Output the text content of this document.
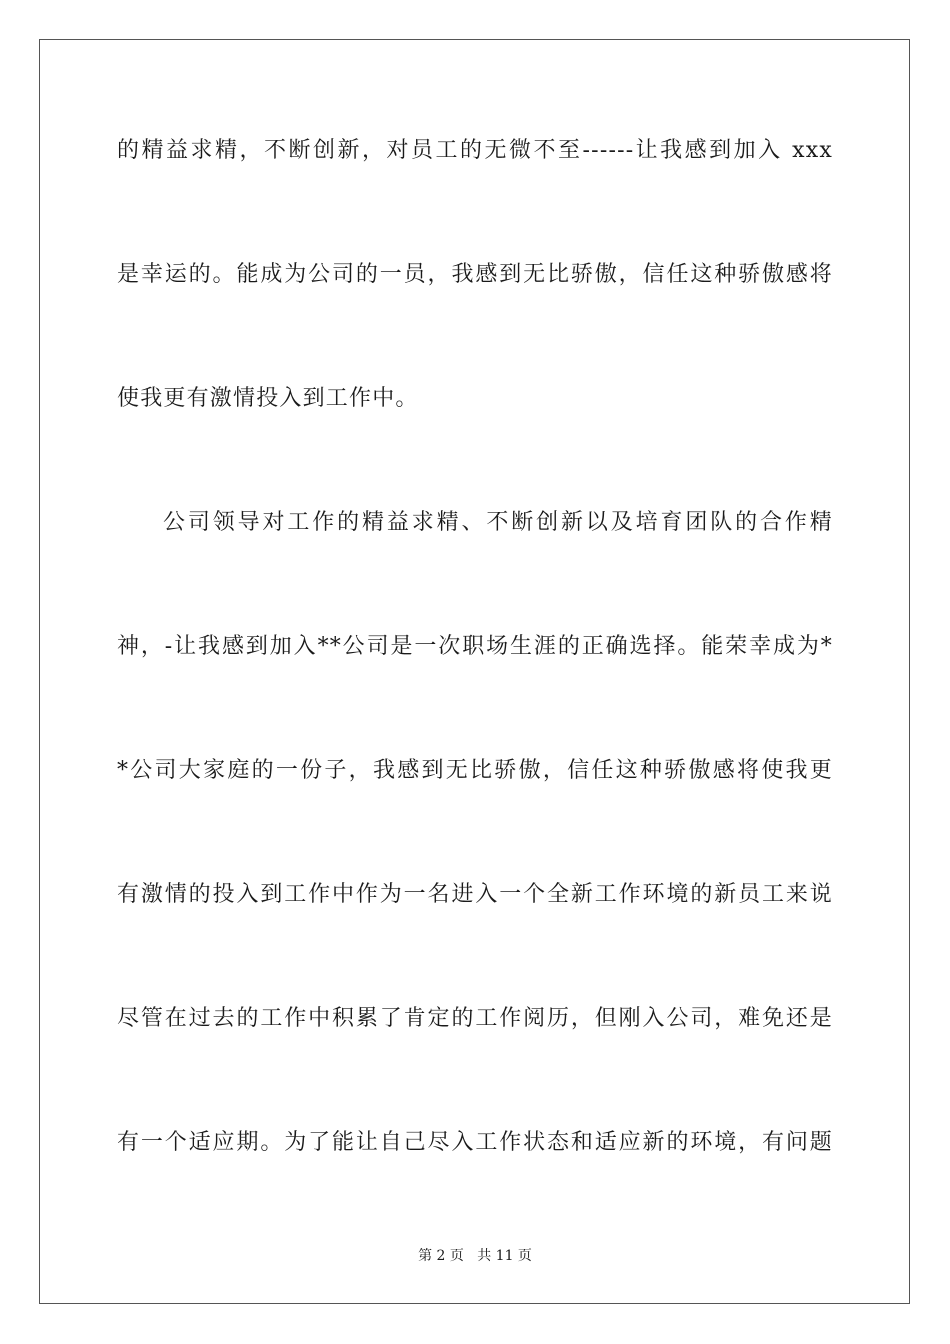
的精益求精，不断创新，对员工的无微不至------让我感到加入 xxx
是幸运的。能成为公司的一员，我感到无比骄傲，信任这种骄傲感将
使我更有激情投入到工作中。
公司领导对工作的精益求精、不断创新以及培育团队的合作精
神，-让我感到加入**公司是一次职场生涯的正确选择。能荣幸成为*
*公司大家庭的一份子，我感到无比骄傲，信任这种骄傲感将使我更
有激情的投入到工作中作为一名进入一个全新工作环境的新员工来说
尽管在过去的工作中积累了肯定的工作阅历，但刚入公司，难免还是
有一个适应期。为了能让自己尽入工作状态和适应新的环境，有问题
第 2 页   共 11 页
